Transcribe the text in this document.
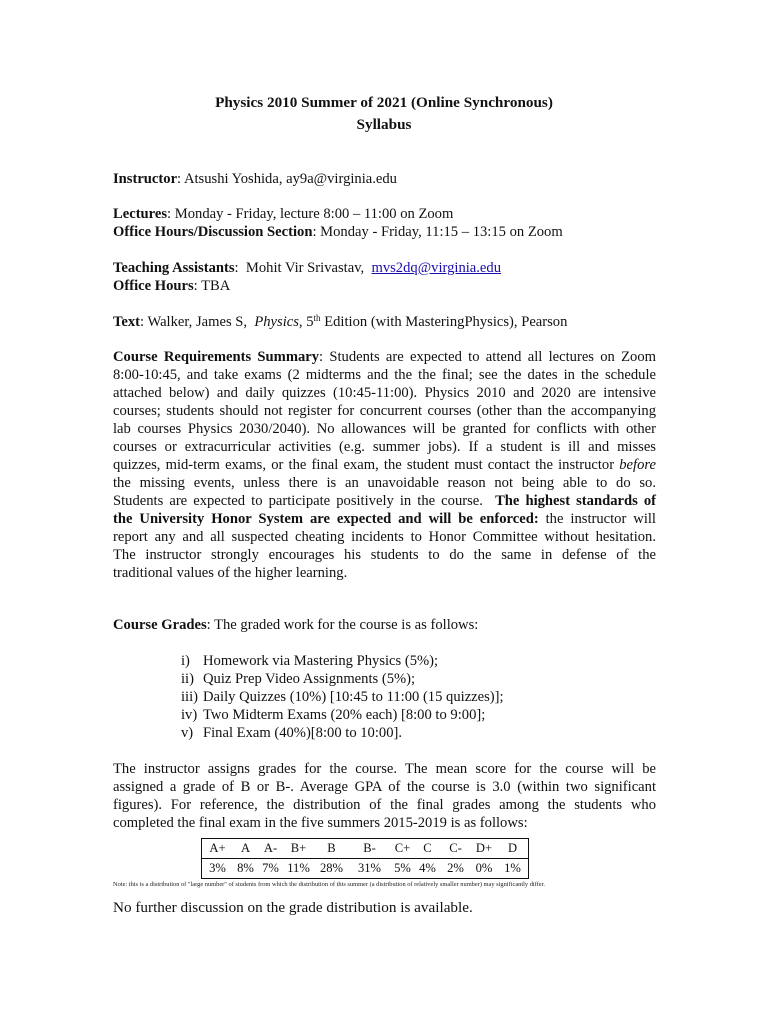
Physics 2010 Summer of 2021 (Online Synchronous)
Syllabus
Instructor: Atsushi Yoshida, ay9a@virginia.edu
Lectures: Monday - Friday, lecture 8:00 – 11:00 on Zoom
Office Hours/Discussion Section: Monday - Friday, 11:15 – 13:15 on Zoom
Teaching Assistants:  Mohit Vir Srivastav,  mvs2dq@virginia.edu
Office Hours: TBA
Text: Walker, James S,  Physics, 5th Edition (with MasteringPhysics), Pearson
Course Requirements Summary: Students are expected to attend all lectures on Zoom
8:00-10:45, and take exams (2 midterms and the the final; see the dates in the schedule
attached below) and daily quizzes (10:45-11:00). Physics 2010 and 2020 are intensive
courses; students should not register for concurrent courses (other than the accompanying
lab courses Physics 2030/2040). No allowances will be granted for conflicts with other
courses or extracurricular activities (e.g. summer jobs). If a student is ill and misses
quizzes, mid-term exams, or the final exam, the student must contact the instructor before
the missing events, unless there is an unavoidable reason not being able to do so.
Students are expected to participate positively in the course.  The highest standards of
the University Honor System are expected and will be enforced: the instructor will
report any and all suspected cheating incidents to Honor Committee without hesitation.
The instructor strongly encourages his students to do the same in defense of the
traditional values of the higher learning.
Course Grades: The graded work for the course is as follows:
i) Homework via Mastering Physics (5%);
ii) Quiz Prep Video Assignments (5%);
iii) Daily Quizzes (10%) [10:45 to 11:00 (15 quizzes)];
iv) Two Midterm Exams (20% each) [8:00 to 9:00];
v) Final Exam (40%)[8:00 to 10:00].
The instructor assigns grades for the course. The mean score for the course will be
assigned a grade of B or B-. Average GPA of the course is 3.0 (within two significant
figures). For reference, the distribution of the final grades among the students who
completed the final exam in the five summers 2015-2019 is as follows:
A+	A	A-	B+	B	B-	C+	C	C-	D+	D
3%	8%	7%	11%	28%	31%	5%	4%	2%	0%	1%
Note: this is a distribution of "large number" of students from which the distribution of this summer (a distribution of relatively smaller number) may significantly differ.
No further discussion on the grade distribution is available.
